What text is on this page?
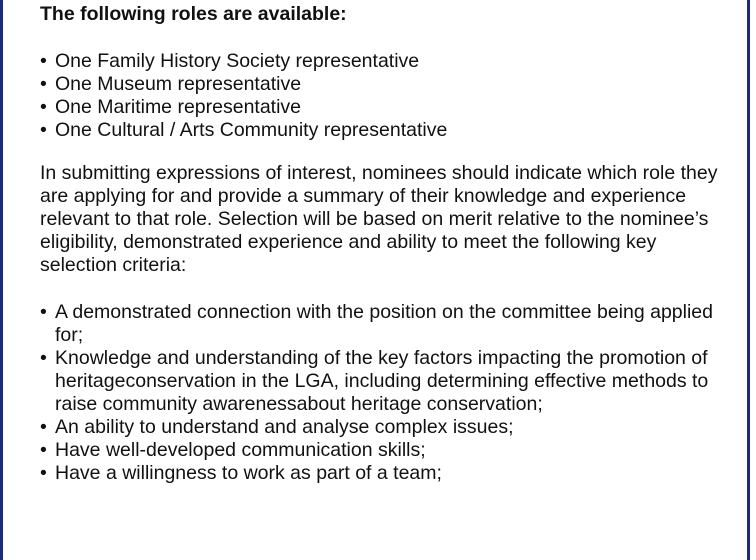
The following roles are available:

• One Family History Society representative
• One Museum representative
• One Maritime representative
• One Cultural / Arts Community representative

In submitting expressions of interest, nominees should indicate which role they are applying for and provide a summary of their knowledge and experience relevant to that role. Selection will be based on merit relative to the nominee’s eligibility, demonstrated experience and ability to meet the following key selection criteria:

• A demonstrated connection with the position on the committee being applied for;
• Knowledge and understanding of the key factors impacting the promotion of heritageconservation in the LGA, including determining effective methods to raise community awarenessabout heritage conservation;
• An ability to understand and analyse complex issues;
• Have well-developed communication skills;
• Have a willingness to work as part of a team;
